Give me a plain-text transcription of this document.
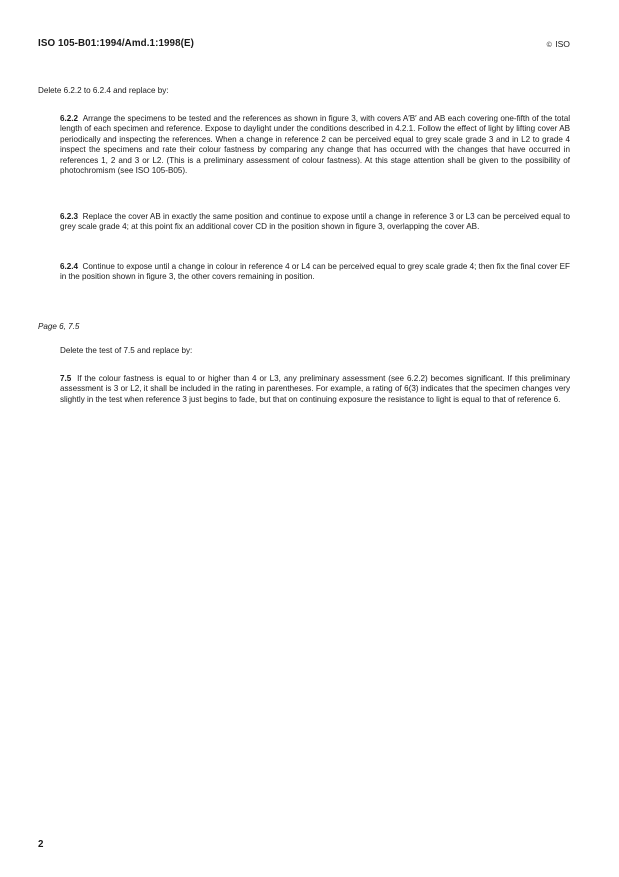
ISO 105-B01:1994/Amd.1:1998(E)	© ISO
Delete 6.2.2 to 6.2.4 and replace by:

6.2.2 Arrange the specimens to be tested and the references as shown in figure 3, with covers A′B′ and AB each covering one-fifth of the total length of each specimen and reference. Expose to daylight under the conditions described in 4.2.1. Follow the effect of light by lifting cover AB periodically and inspecting the references. When a change in reference 2 can be perceived equal to grey scale grade 3 and in L2 to grade 4 inspect the specimens and rate their colour fastness by comparing any change that has occurred with the changes that have occurred in references 1, 2 and 3 or L2. (This is a preliminary assessment of colour fastness). At this stage attention shall be given to the possibility of photochromism (see ISO 105-B05).

6.2.3 Replace the cover AB in exactly the same position and continue to expose until a change in reference 3 or L3 can be perceived equal to grey scale grade 4; at this point fix an additional cover CD in the position shown in figure 3, overlapping the cover AB.

6.2.4 Continue to expose until a change in colour in reference 4 or L4 can be perceived equal to grey scale grade 4; then fix the final cover EF in the position shown in figure 3, the other covers remaining in position.

Page 6, 7.5
Delete the test of 7.5 and replace by:

7.5 If the colour fastness is equal to or higher than 4 or L3, any preliminary assessment (see 6.2.2) becomes significant. If this preliminary assessment is 3 or L2, it shall be included in the rating in parentheses. For example, a rating of 6(3) indicates that the specimen changes very slightly in the test when reference 3 just begins to fade, but that on continuing exposure the resistance to light is equal to that of reference 6.

2
